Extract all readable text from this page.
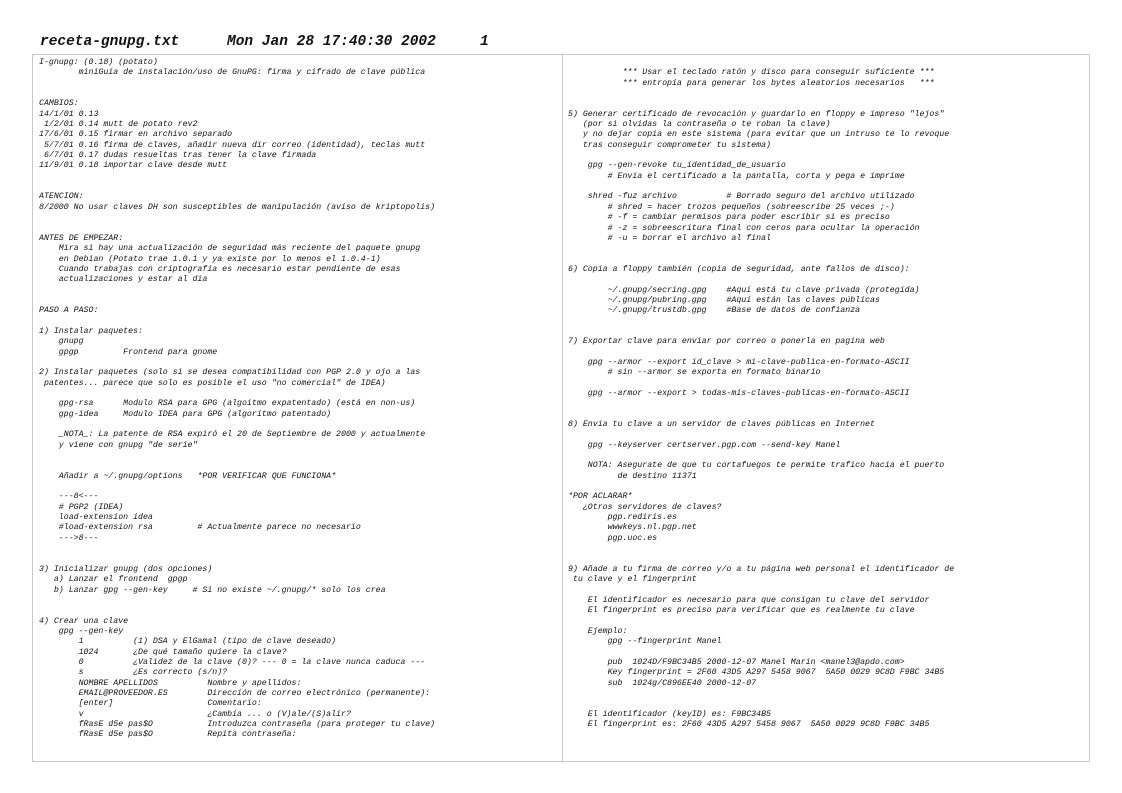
receta-gnupg.txt

	Mon Jan 28 17:40:30 2002

	1

I-gnupg: (0.18) (potato)
miniGuía de instalación/uso de GnuPG: firma y cifrado de clave pública
CAMBIOS:
14/1/01 0.13
1/2/01 0.14 mutt de potato rev2
17/6/01 0.15 firmar en archivo separado
5/7/01 0.16 firma de claves, añadir nueva dir correo (identidad), teclas mutt
6/7/01 0.17 dudas resueltas tras tener la clave firmada
11/9/01 0.18 importar clave desde mutt
ATENCIÓN:
8/2000 No usar claves DH son susceptibles de manipulación (aviso de kriptopolis)
ANTES DE EMPEZAR:
Mira si hay una actualización de seguridad más reciente del paquete gnupg
en Debian (Potato trae 1.0.1 y ya existe por lo menos el 1.0.4-1)
Cuando trabajas con criptografía es necesario estar pendiente de esas
actualizaciones y estar al día
PASO A PASO:
1) Instalar paquetes:
gnupg
gpgp         Frontend para gnome
2) Instalar paquetes (solo si se desea compatibilidad con PGP 2.0 y ojo a las
patentes... parece que solo es posible el uso "no comercial" de IDEA)
gpg-rsa      Modulo RSA para GPG (algoitmo expatentado) (está en non-us)
gpg-idea     Modulo IDEA para GPG (algoritmo patentado)
_NOTA_: La patente de RSA expiró el 20 de Septiembre de 2000 y actualmente
y viene con gnupg "de serie"
Añadir a ~/.gnupg/options   *POR VERIFICAR QUE FUNCIONA*
---8<---
# PGP2 (IDEA)
load-extension idea
#load-extension rsa         # Actualmente parece no necesario
--->8---
3) Inicializar gnupg (dos opciones)
a) Lanzar el frontend  gpgp
b) Lanzar gpg --gen-key     # Si no existe ~/.gnupg/* solo los crea
4) Crear una clave
gpg --gen-key
1          (1) DSA y ElGamal (tipo de clave deseado)
1024       ¿De qué tamaño quiere la clave?
0          ¿Validez de la clave (0)? --- 0 = la clave nunca caduca ---
s          ¿Es correcto (s/n)?
NOMBRE APELLIDOS          Nombre y apellidos:
EMAIL@PROVEEDOR.ES        Dirección de correo electrónico (permanente):
[enter]                   Comentario:
v                         ¿Cambia ... o (V)ale/(S)alir?
fRasE d5e pas$O           Introduzca contraseña (para proteger tu clave)
fRasE d5e pas$O           Repita contraseña:
*** Usar el teclado ratón y disco para conseguir suficiente ***
*** entropía para generar los bytes aleatorios necesarios   ***
5) Generar certificado de revocación y guardarlo en floppy e impreso "lejos"
(por si olvidas la contraseña o te roban la clave)
y no dejar copia en este sistema (para evitar que un intruso te lo revoque
tras conseguir comprometer tu sistema)
gpg --gen-revoke tu_identidad_de_usuario
# Envía el certificado a la pantalla, corta y pega e imprime
shred -fuz archivo          # Borrado seguro del archivo utilizado
# shred = hacer trozos pequeños (sobreescribe 25 veces ;-)
# -f = cambiar permisos para poder escribir si es preciso
# -z = sobreescritura final con ceros para ocultar la operación
# -u = borrar el archivo al final
6) Copia a floppy también (copia de seguridad, ante fallos de disco):
~/.gnupg/secring.gpg    #Aquí está tu clave privada (protegida)
~/.gnupg/pubring.gpg    #Aquí están las claves públicas
~/.gnupg/trustdb.gpg    #Base de datos de confianza
7) Exportar clave para enviar por correo o ponerla en pagina web
gpg --armor --export id_clave > mi-clave-publica-en-formato-ASCII
# sin --armor se exporta en formato binario
gpg --armor --export > todas-mis-claves-publicas-en-formato-ASCII
8) Envia tu clave a un servidor de claves públicas en Internet
gpg --keyserver certserver.pgp.com --send-key Manel
NOTA: Asegurate de que tu cortafuegos te permite trafico hacia el puerto
de destino 11371
*POR ACLARAR*
¿Otros servidores de claves?
pgp.rediris.es
wwwkeys.nl.pgp.net
pgp.uoc.es
9) Añade a tu firma de correo y/o a tu página web personal el identificador de
tu clave y el fingerprint
El identificador es necesario para que consigan tu clave del servidor
El fingerprint es preciso para verificar que es realmente tu clave
Ejemplo:
gpg --fingerprint Manel
pub  1024D/F9BC34B5 2000-12-07 Manel Marin <manel3@apdo.com>
Key fingerprint = 2F60 43D5 A297 5458 9067  5A50 0029 9C8D F9BC 34B5
sub  1024g/C896EE40 2000-12-07
El identificador (keyID) es: F9BC34B5
El fingerprint es: 2F60 43D5 A297 5458 9067  5A50 0029 9C8D F9BC 34B5
